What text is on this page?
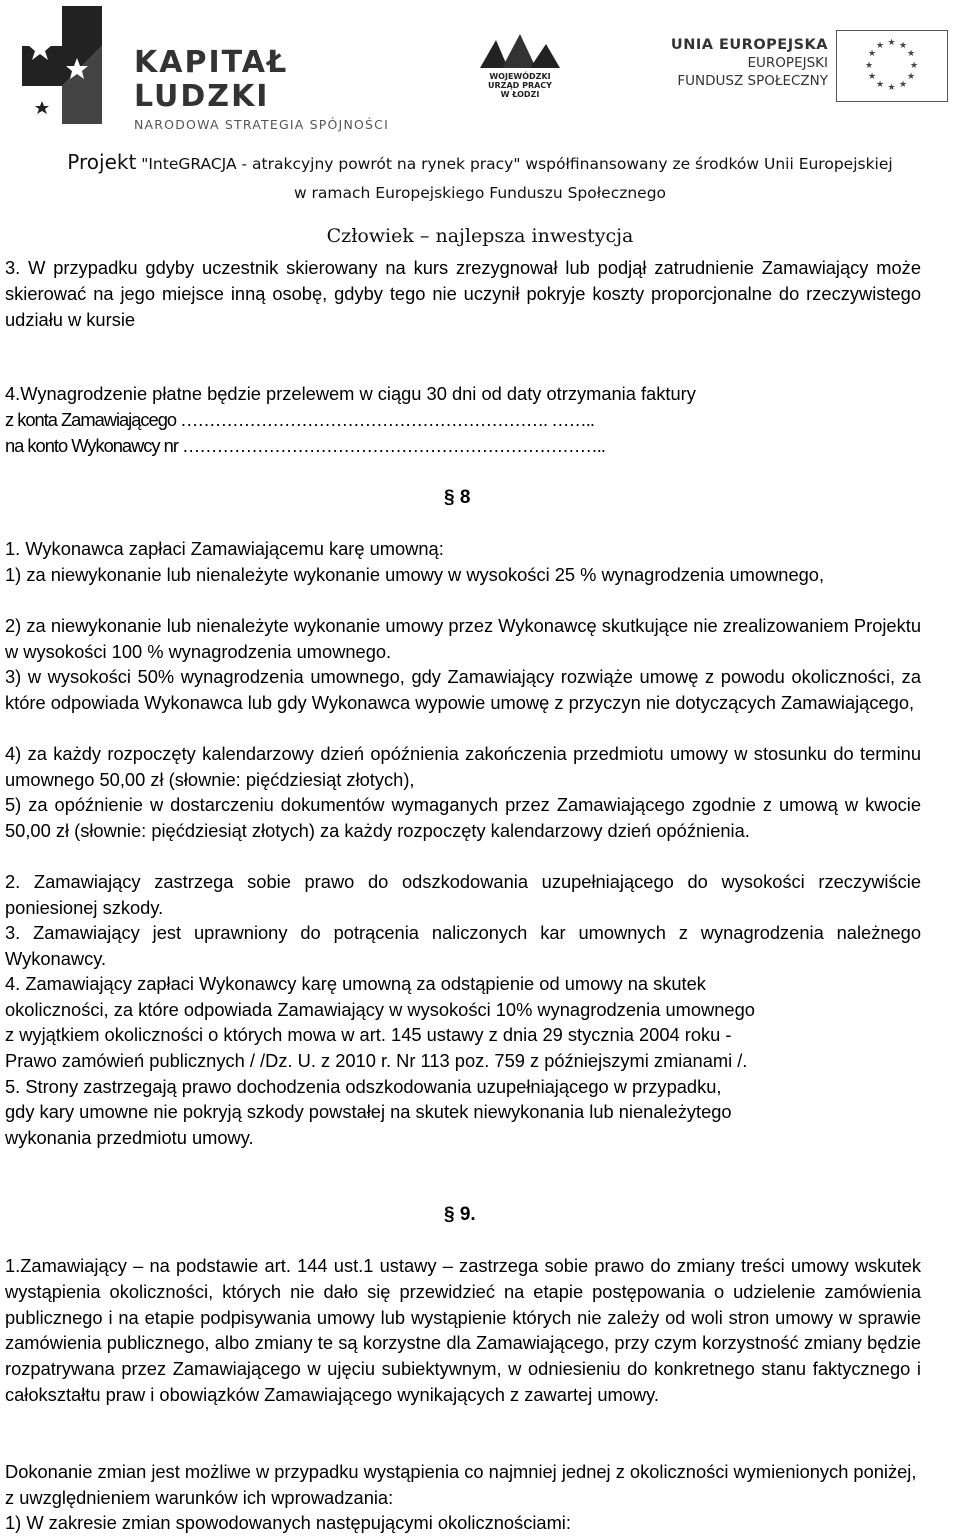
KAPITAŁ LUDZKI
NARODOWA STRATEGIA SPÓJNOŚCI
WOJEWÓDZKI
URZĄD PRACY
W ŁODZI
UNIA EUROPEJSKA
EUROPEJSKI
FUNDUSZ SPOŁECZNY
★ ★
★
★
★
★
★
★
★
★
★
★
Projekt "InteGRACJA - atrakcyjny powrót na rynek pracy" współfinansowany ze środków Unii Europejskiej
w ramach Europejskiego Funduszu Społecznego
Człowiek – najlepsza inwestycja

3. W przypadku gdyby uczestnik skierowany na kurs zrezygnował lub podjął zatrudnienie Zamawiający może skierować na jego miejsce inną osobę, gdyby tego nie uczynił pokryje koszty proporcjonalne do rzeczywistego udziału w kursie

4.Wynagrodzenie płatne będzie przelewem w ciągu 30 dni od daty otrzymania faktury

z konta Zamawiającego ………………………………………………………. ……..

na konto Wykonawcy nr ………………………………………………………………..

§ 8

1. Wykonawca zapłaci Zamawiającemu karę umowną:

1) za niewykonanie lub nienależyte wykonanie umowy w wysokości 25 % wynagrodzenia umownego,

2) za niewykonanie lub nienależyte wykonanie umowy przez Wykonawcę skutkujące nie zrealizowaniem Projektu w wysokości 100 % wynagrodzenia umownego.

3) w wysokości 50% wynagrodzenia umownego, gdy Zamawiający rozwiąże umowę z powodu okoliczności, za które odpowiada Wykonawca lub gdy Wykonawca wypowie umowę z przyczyn nie dotyczących Zamawiającego,

4) za każdy rozpoczęty kalendarzowy dzień opóźnienia zakończenia przedmiotu umowy w stosunku do terminu umownego 50,00 zł (słownie: pięćdziesiąt złotych),

5) za opóźnienie w dostarczeniu dokumentów wymaganych przez Zamawiającego zgodnie z umową w kwocie 50,00 zł (słownie: pięćdziesiąt złotych) za każdy rozpoczęty kalendarzowy dzień opóźnienia.

2. Zamawiający zastrzega sobie prawo do odszkodowania uzupełniającego do wysokości rzeczywiście poniesionej szkody.

3. Zamawiający jest uprawniony do potrącenia naliczonych kar umownych z wynagrodzenia należnego Wykonawcy.

4. Zamawiający zapłaci Wykonawcy karę umowną za odstąpienie od umowy na skutek

okoliczności, za które odpowiada Zamawiający w wysokości 10% wynagrodzenia umownego

z wyjątkiem okoliczności o których mowa w art. 145 ustawy z dnia 29 stycznia 2004 roku -

Prawo zamówień publicznych / /Dz. U. z 2010 r. Nr 113 poz. 759 z późniejszymi zmianami /.

5. Strony zastrzegają prawo dochodzenia odszkodowania uzupełniającego w przypadku,

gdy kary umowne nie pokryją szkody powstałej na skutek niewykonania lub nienależytego

wykonania przedmiotu umowy.

§ 9.

1.Zamawiający – na podstawie art. 144 ust.1 ustawy – zastrzega sobie prawo do zmiany treści umowy wskutek wystąpienia okoliczności, których nie dało się przewidzieć na etapie postępowania o udzielenie zamówienia publicznego i na etapie podpisywania umowy lub wystąpienie których nie zależy od woli stron umowy w sprawie zamówienia publicznego, albo zmiany te są korzystne dla Zamawiającego, przy czym korzystność zmiany będzie rozpatrywana przez Zamawiającego w ujęciu subiektywnym, w odniesieniu do konkretnego stanu faktycznego i całokształtu praw i obowiązków Zamawiającego wynikających z zawartej umowy.

Dokonanie zmian jest możliwe w przypadku wystąpienia co najmniej jednej z okoliczności wymienionych poniżej, z uwzględnieniem warunków ich wprowadzania:

1) W zakresie zmian spowodowanych następującymi okolicznościami:
